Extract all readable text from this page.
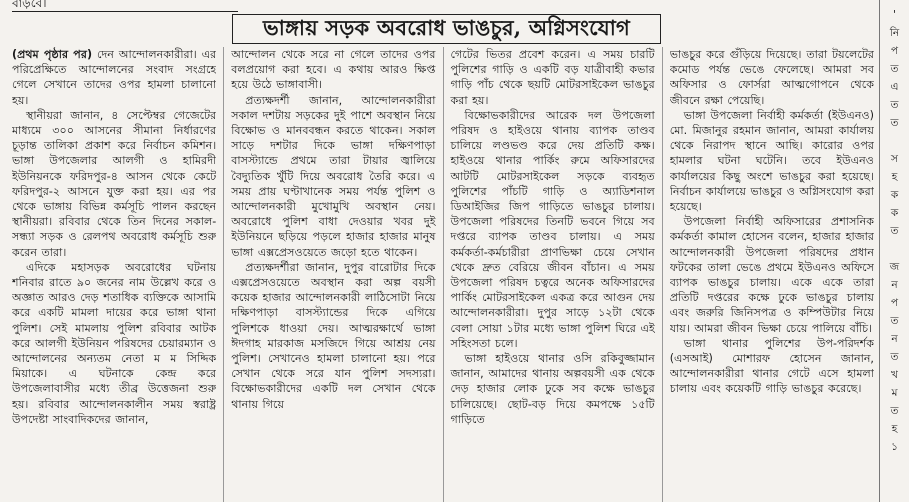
বাড়বে।
ভাঙ্গায় সড়ক অবরোধ ভাঙচুর, অগ্নিসংযোগ

(প্রথম পৃষ্ঠার পর) দেন আন্দোলনকারীরা। এর পরিপ্রেক্ষিতে আন্দোলনের সংবাদ সংগ্রহে গেলে সেখানে তাদের ওপর হামলা চালানো হয়।

স্থানীয়রা জানান, ৪ সেপ্টেম্বর গেজেটের মাধ্যমে ৩০০ আসনের সীমানা নির্ধারণের চূড়ান্ত তালিকা প্রকাশ করে নির্বাচন কমিশন। ভাঙ্গা উপজেলার আলগী ও হামিরদী ইউনিয়নকে ফরিদপুর-৪ আসন থেকে কেটে ফরিদপুর-২ আসনে যুক্ত করা হয়। এর পর থেকে ভাঙ্গায় বিভিন্ন কর্মসূচি পালন করছেন স্থানীয়রা। রবিবার থেকে তিন দিনের সকাল-সন্ধ্যা সড়ক ও রেলপথ অবরোধ কর্মসূচি শুরু করেন তারা।

এদিকে মহাসড়ক অবরোধের ঘটনায় শনিবার রাতে ৯০ জনের নাম উল্লেখ করে ও অজ্ঞাত আরও দেড় শতাধিক ব্যক্তিকে আসামি করে একটি মামলা দায়ের করে ভাঙ্গা থানা পুলিশ। সেই মামলায় পুলিশ রবিবার আটক করে আলগী ইউনিয়ন পরিষদের চেয়ারম্যান ও আন্দোলনের অন্যতম নেতা ম ম সিদ্দিক মিয়াকে। এ ঘটনাকে কেন্দ্র করে উপজেলাবাসীর মধ্যে তীব্র উত্তেজনা শুরু হয়। রবিবার আন্দোলনকালীন সময় স্বরাষ্ট্র উপদেষ্টা সাংবাদিকদের জানান,

আন্দোলন থেকে সরে না গেলে তাদের ওপর বলপ্রয়োগ করা হবে। এ কথায় আরও ক্ষিপ্ত হয়ে উঠে ভাঙ্গাবাসী।

প্রত্যক্ষদর্শী জানান, আন্দোলনকারীরা সকাল দশটায় সড়কের দুই পাশে অবস্থান নিয়ে বিক্ষোভ ও মানববন্ধন করতে থাকেন। সকাল সাড়ে দশটার দিকে ভাঙ্গা দক্ষিণপাড়া বাসস্ট্যান্ডে প্রথমে তারা টায়ার জ্বালিয়ে বৈদ্যুতিক খুঁটি দিয়ে অবরোধ তৈরি করে। এ সময় প্রায় ঘণ্টাখানেক সময় পর্যন্ত পুলিশ ও আন্দোলনকারী মুখোমুখি অবস্থান নেয়। অবরোধে পুলিশ বাধা দেওয়ার খবর দুই ইউনিয়নে ছড়িয়ে পড়লে হাজার হাজার মানুষ ভাঙ্গা এক্সপ্রেসওয়েতে জড়ো হতে থাকেন।

প্রত্যক্ষদর্শীরা জানান, দুপুর বারোটার দিকে এক্সপ্রেসওয়েতে অবস্থান করা অল্প বয়সী কয়েক হাজার আন্দোলনকারী লাঠিসোটা নিয়ে দক্ষিণপাড়া বাসস্ট্যান্ডের দিকে এগিয়ে পুলিশকে ধাওয়া দেয়। আত্মরক্ষার্থে ভাঙ্গা ঈদগাহ মারকাজ মসজিদে গিয়ে আশ্রয় নেয় পুলিশ। সেখানেও হামলা চালানো হয়। পরে সেখান থেকে সরে যান পুলিশ সদস্যরা। বিক্ষোভকারীদের একটি দল সেখান থেকে থানায় গিয়ে

গেটের ভিতর প্রবেশ করেন। এ সময় চারটি পুলিশের গাড়ি ও একটি বড় যাত্রীবাহী কভার গাড়ি পাঁচ থেকে ছয়টি মোটরসাইকেল ভাঙচুর করা হয়।

বিক্ষোভকারীদের আরেক দল উপজেলা পরিষদ ও হাইওয়ে থানায় ব্যাপক তাণ্ডব চালিয়ে লণ্ডভণ্ড করে দেয় প্রতিটি কক্ষ। হাইওয়ে থানার পার্কিং রুমে অফিসারদের আটটি মোটরসাইকেল সড়কে ব্যবহৃত পুলিশের পাঁচটি গাড়ি ও অ্যাডিশনাল ডিআইজির জিপ গাড়িতে ভাঙচুর চালায়। উপজেলা পরিষদের তিনটি ভবনে গিয়ে সব দপ্তরে ব্যাপক তাণ্ডব চালায়। এ সময় কর্মকর্তা-কর্মচারীরা প্রাণভিক্ষা চেয়ে সেখান থেকে দ্রুত বেরিয়ে জীবন বাঁচান। এ সময় উপজেলা পরিষদ চত্বরে অনেক অফিসারদের পার্কিং মোটরসাইকেল একত্র করে আগুন দেয় আন্দোলনকারীরা। দুপুর সাড়ে ১২টা থেকে বেলা সোয়া ১টার মধ্যে ভাঙ্গা পুলিশ ঘিরে এই সহিংসতা চলে।

ভাঙ্গা হাইওয়ে থানার ওসি রকিবুজ্জামান জানান, আমাদের থানায় অল্পবয়সী এক থেকে দেড় হাজার লোক ঢুকে সব কক্ষে ভাঙচুর চালিয়েছে। ছোট-বড় দিয়ে কমপক্ষে ১৫টি গাড়িতে

ভাঙচুর করে গুঁড়িয়ে দিয়েছে। তারা টয়লেটের কমোড পর্যন্ত ভেঙে ফেলেছে। আমরা সব অফিসার ও ফোর্সরা আত্মগোপনে থেকে জীবনে রক্ষা পেয়েছি।

ভাঙ্গা উপজেলা নির্বাহী কর্মকর্তা (ইউএনও) মো. মিজানুর রহমান জানান, আমরা কার্যালয় থেকে নিরাপদ স্থানে আছি। কারোর ওপর হামলার ঘটনা ঘটেনি। তবে ইউএনও কার্যালয়ের কিছু অংশে ভাঙচুর করা হয়েছে। নির্বাচন কার্যালয়ে ভাঙচুর ও অগ্নিসংযোগ করা হয়েছে।

উপজেলা নির্বাহী অফিসারের প্রশাসনিক কর্মকর্তা কামাল হোসেন বলেন, হাজার হাজার আন্দোলনকারী উপজেলা পরিষদের প্রধান ফটকের তালা ভেঙে প্রথমে ইউএনও অফিসে ব্যাপক ভাঙচুর চালায়। একে একে তারা প্রতিটি দপ্তরের কক্ষে ঢুকে ভাঙচুর চালায় এবং জরুরি জিনিসপত্র ও কম্পিউটার নিয়ে যায়। আমরা জীবন ভিক্ষা চেয়ে পালিয়ে বাঁচি।

ভাঙ্গা থানার পুলিশের উপ-পরিদর্শক (এসআই) মোশারফ হোসেন জানান, আন্দোলনকারীরা থানার গেটে এসে হামলা চালায় এবং কয়েকটি গাড়ি ভাঙচুর করেছে।

'
নি
প
ত
এ
ত
ত

স
হ
ক
ক
ত

জ
ন
প
ত
ন
ত
খ
ম
ত
হ
১
